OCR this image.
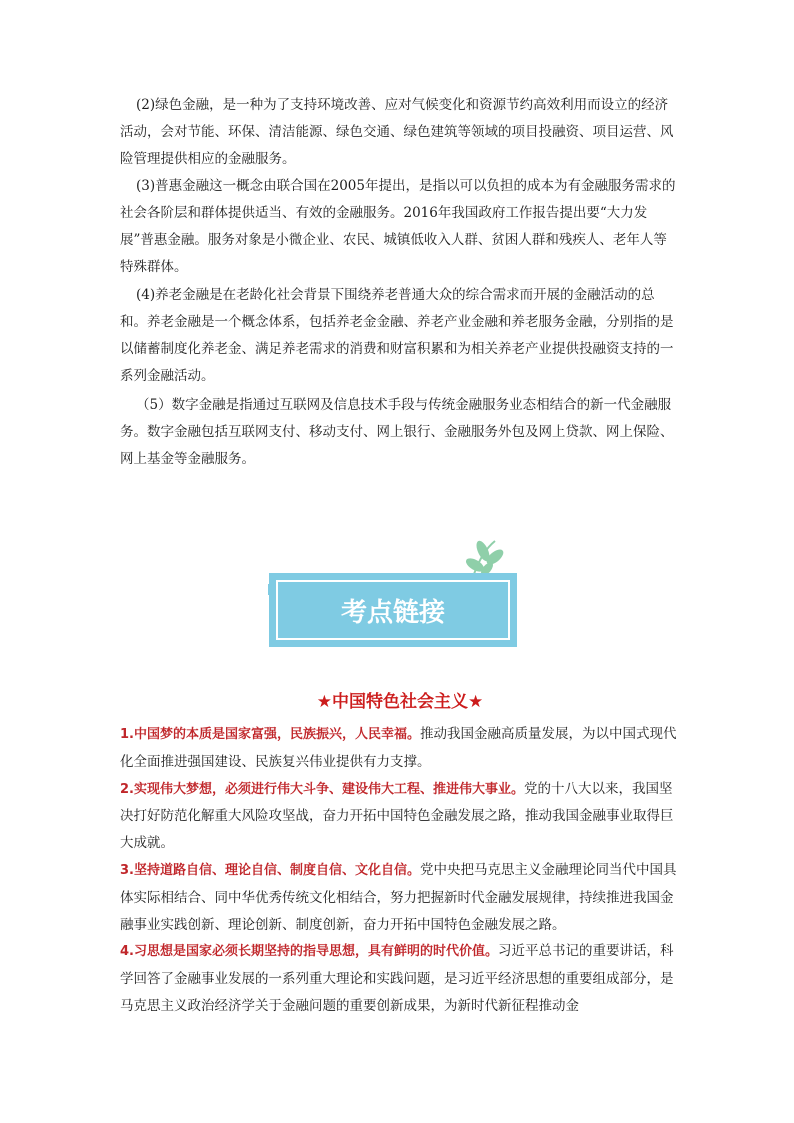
(2)绿色金融，是一种为了支持环境改善、应对气候变化和资源节约高效利用而设立的经济活动，会对节能、环保、清洁能源、绿色交通、绿色建筑等领域的项目投融资、项目运营、风险管理提供相应的金融服务。

(3)普惠金融这一概念由联合国在2005年提出，是指以可以负担的成本为有金融服务需求的社会各阶层和群体提供适当、有效的金融服务。2016年我国政府工作报告提出要“大力发展”普惠金融。服务对象是小微企业、农民、城镇低收入人群、贫困人群和残疾人、老年人等特殊群体。

(4)养老金融是在老龄化社会背景下围绕养老普通大众的综合需求而开展的金融活动的总和。养老金融是一个概念体系，包括养老金金融、养老产业金融和养老服务金融，分别指的是以储蓄制度化养老金、满足养老需求的消费和财富积累和为相关养老产业提供投融资支持的一系列金融活动。

（5）数字金融是指通过互联网及信息技术手段与传统金融服务业态相结合的新一代金融服务。数字金融包括互联网支付、移动支付、网上银行、金融服务外包及网上贷款、网上保险、网上基金等金融服务。

考点链接
★中国特色社会主义★

1.中国梦的本质是国家富强，民族振兴，人民幸福。推动我国金融高质量发展，为以中国式现代化全面推进强国建设、民族复兴伟业提供有力支撑。

2.实现伟大梦想，必须进行伟大斗争、建设伟大工程、推进伟大事业。党的十八大以来，我国坚决打好防范化解重大风险攻坚战，奋力开拓中国特色金融发展之路，推动我国金融事业取得巨大成就。

3.坚持道路自信、理论自信、制度自信、文化自信。党中央把马克思主义金融理论同当代中国具体实际相结合、同中华优秀传统文化相结合，努力把握新时代金融发展规律，持续推进我国金融事业实践创新、理论创新、制度创新，奋力开拓中国特色金融发展之路。

4.习思想是国家必须长期坚持的指导思想，具有鲜明的时代价值。习近平总书记的重要讲话，科学回答了金融事业发展的一系列重大理论和实践问题，是习近平经济思想的重要组成部分，是马克思主义政治经济学关于金融问题的重要创新成果，为新时代新征程推动金
